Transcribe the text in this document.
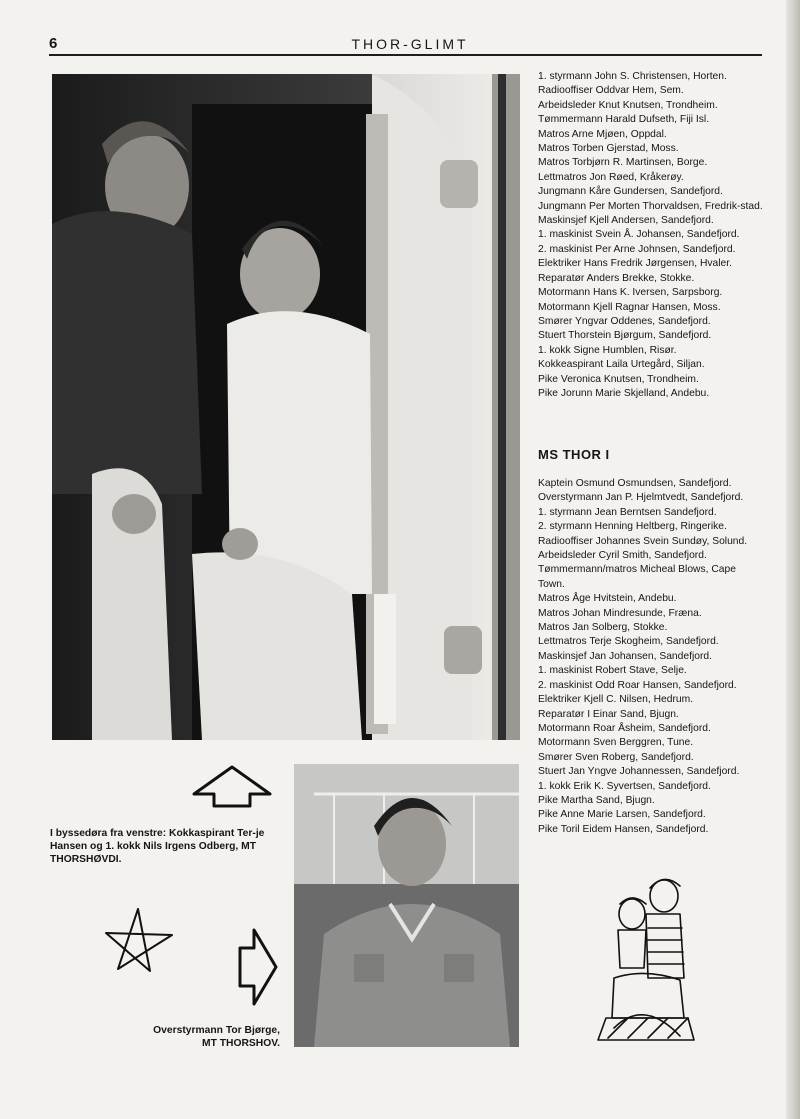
6	THOR-GLIMT

1. styrmann John S. Christensen, Horten.

Radiooffiser Oddvar Hem, Sem.

Arbeidsleder Knut Knutsen, Trondheim.

Tømmermann Harald Dufseth, Fiji Isl.

Matros Arne Mjøen, Oppdal.

Matros Torben Gjerstad, Moss.

Matros Torbjørn R. Martinsen, Borge.

Lettmatros Jon Røed, Kråkerøy.

Jungmann Kåre Gundersen, Sandefjord.

Jungmann Per Morten Thorvaldsen, Fredrik-stad.

Maskinsjef Kjell Andersen, Sandefjord.

1. maskinist Svein Å. Johansen, Sandefjord.

2. maskinist Per Arne Johnsen, Sandefjord.

Elektriker Hans Fredrik Jørgensen, Hvaler.

Reparatør Anders Brekke, Stokke.

Motormann Hans K. Iversen, Sarpsborg.

Motormann Kjell Ragnar Hansen, Moss.

Smører Yngvar Oddenes, Sandefjord.

Stuert Thorstein Bjørgum, Sandefjord.

1. kokk Signe Humblen, Risør.

Kokkeaspirant Laila Urtegård, Siljan.

Pike Veronica Knutsen, Trondheim.

Pike Jorunn Marie Skjelland, Andebu.

MS THOR I

Kaptein Osmund Osmundsen, Sandefjord.

Overstyrmann Jan P. Hjelmtvedt, Sandefjord.

1. styrmann Jean Berntsen Sandefjord.

2. styrmann Henning Heltberg, Ringerike.

Radiooffiser Johannes Svein Sundøy, Solund.

Arbeidsleder Cyril Smith, Sandefjord.

Tømmermann/matros Micheal Blows, Cape Town.

Matros Åge Hvitstein, Andebu.

Matros Johan Mindresunde, Fræna.

Matros Jan Solberg, Stokke.

Lettmatros Terje Skogheim, Sandefjord.

Maskinsjef Jan Johansen, Sandefjord.

1. maskinist Robert Stave, Selje.

2. maskinist Odd Roar Hansen, Sandefjord.

Elektriker Kjell C. Nilsen, Hedrum.

Reparatør I Einar Sand, Bjugn.

Motormann Roar Åsheim, Sandefjord.

Motormann Sven Berggren, Tune.

Smører Sven Roberg, Sandefjord.

Stuert Jan Yngve Johannessen, Sandefjord.

1. kokk Erik K. Syvertsen, Sandefjord.

Pike Martha Sand, Bjugn.

Pike Anne Marie Larsen, Sandefjord.

Pike Toril Eidem Hansen, Sandefjord.

I byssedøra fra venstre: Kokkaspirant Ter-je Hansen og 1. kokk Nils Irgens Odberg, MT THORSHØVDI.
Overstyrmann Tor Bjørge,
MT THORSHOV.
